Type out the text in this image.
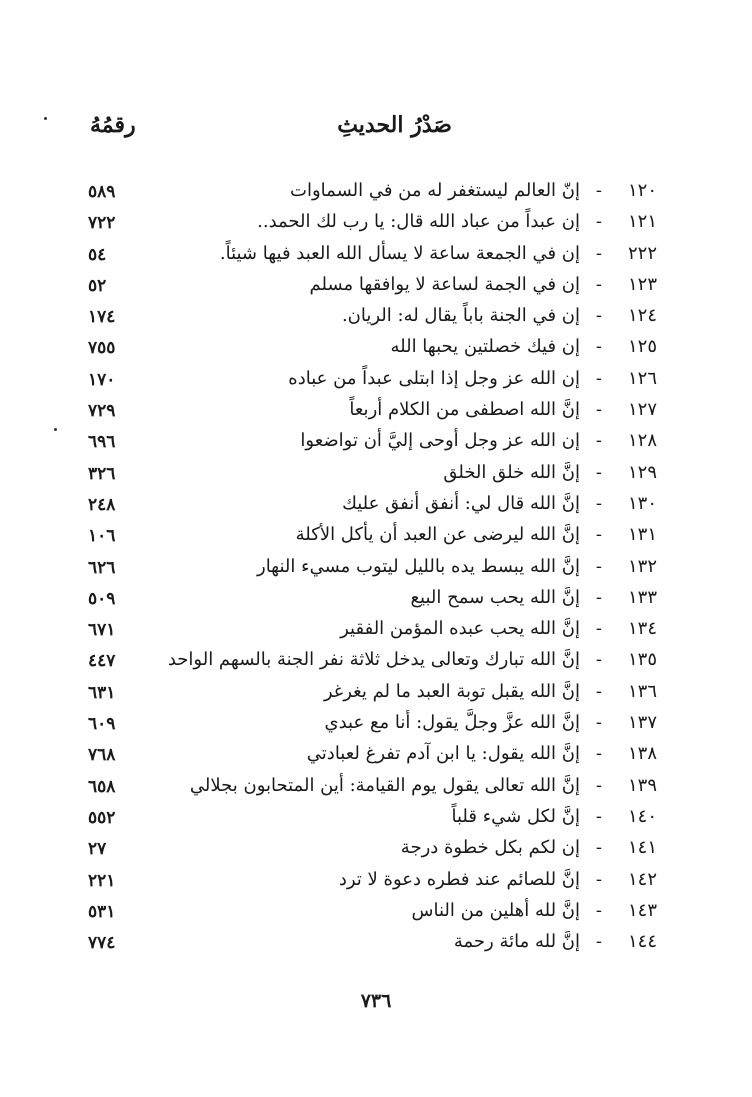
صَدْرُ الحديثِ
رقمُهُ
١٢٠
-
إنّ العالم ليستغفر له من في السماوات
٥٨٩
١٢١
-
إن عبداً من عباد الله قال: يا رب لك الحمد..
٧٢٢
٢٢٢
-
إن في الجمعة ساعة لا يسأل الله العبد فيها شيئاً.
٥٤
١٢٣
-
إن في الجمة لساعة لا يوافقها مسلم
٥٢
١٢٤
-
إن في الجنة باباً يقال له: الريان.
١٧٤
١٢٥
-
إن فيك خصلتين يحبها الله
٧٥٥
١٢٦
-
إن الله عز وجل إذا ابتلى عبداً من عباده
١٧٠
١٢٧
-
إنَّ الله اصطفى من الكلام أربعاً
٧٢٩
١٢٨
-
إن الله عز وجل أوحى إليَّ أن تواضعوا
٦٩٦
١٢٩
-
إنَّ الله خلق الخلق
٣٢٦
١٣٠
-
إنَّ الله قال لي: أنفق أنفق عليك
٢٤٨
١٣١
-
إنَّ الله ليرضى عن العبد أن يأكل الأكلة
١٠٦
١٣٢
-
إنَّ الله يبسط يده بالليل ليتوب مسيء النهار
٦٢٦
١٣٣
-
إنَّ الله يحب سمح البيع
٥٠٩
١٣٤
-
إنَّ الله يحب عبده المؤمن الفقير
٦٧١
١٣٥
-
إنَّ الله تبارك وتعالى يدخل ثلاثة نفر الجنة بالسهم الواحد
٤٤٧
١٣٦
-
إنَّ الله يقبل توبة العبد ما لم يغرغر
٦٣١
١٣٧
-
إنَّ الله عزَّ وجلَّ يقول: أنا مع عبدي
٦٠٩
١٣٨
-
إنَّ الله يقول: يا ابن آدم تفرغ لعبادتي
٧٦٨
١٣٩
-
إنَّ الله تعالى يقول يوم القيامة: أين المتحابون بجلالي
٦٥٨
١٤٠
-
إنَّ لكل شيء قلباً
٥٥٢
١٤١
-
إن لكم بكل خطوة درجة
٢٧
١٤٢
-
إنَّ للصائم عند فطره دعوة لا ترد
٢٢١
١٤٣
-
إنَّ لله أهلين من الناس
٥٣١
١٤٤
-
إنَّ لله مائة رحمة
٧٧٤
٧٣٦
